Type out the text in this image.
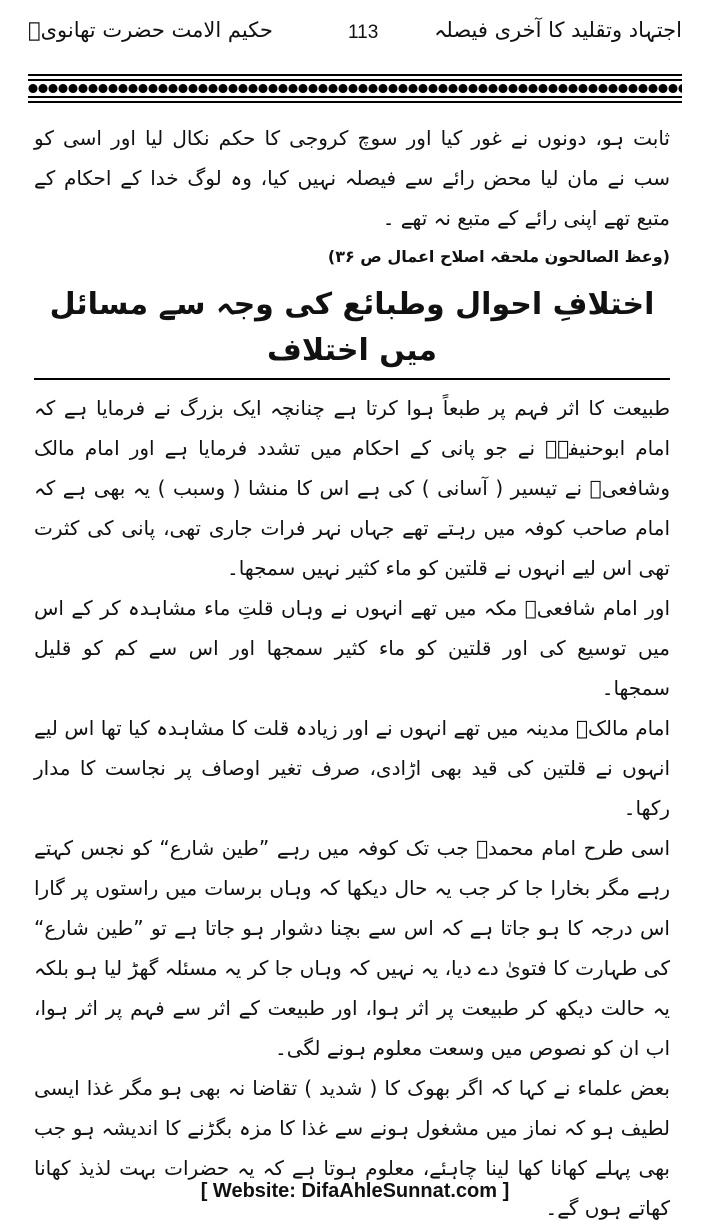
اجتہاد وتقلید کا آخری فیصلہ
113
حکیم الامت حضرت تھانویؒ

ثابت ہو، دونوں نے غور کیا اور سوچ کروجی کا حکم نکال لیا اور اسی کو سب نے مان لیا محض رائے سے فیصلہ نہیں کیا، وہ لوگ خدا کے احکام کے متبع تھے اپنی رائے کے متبع نہ تھے ۔

(وعظ الصالحون ملحقہ اصلاح اعمال ص ۳۶)

اختلافِ احوال وطبائع کی وجہ سے مسائل میں اختلاف

طبیعت کا اثر فہم پر طبعاً ہوا کرتا ہے چنانچہ ایک بزرگ نے فرمایا ہے کہ امام ابوحنیفہؒ نے جو پانی کے احکام میں تشدد فرمایا ہے اور امام مالک وشافعیؒ نے تیسیر ( آسانی ) کی ہے اس کا منشا ( وسبب ) یہ بھی ہے کہ امام صاحب کوفہ میں رہتے تھے جہاں نہر فرات جاری تھی، پانی کی کثرت تھی اس لیے انہوں نے قلتین کو ماء کثیر نہیں سمجھا۔

اور امام شافعیؒ مکہ میں تھے انہوں نے وہاں قلتِ ماء مشاہدہ کر کے اس میں توسیع کی اور قلتین کو ماء کثیر سمجھا اور اس سے کم کو قلیل سمجھا۔

امام مالکؒ مدینہ میں تھے انہوں نے اور زیادہ قلت کا مشاہدہ کیا تھا اس لیے انہوں نے قلتین کی قید بھی اڑادی، صرف تغیر اوصاف پر نجاست کا مدار رکھا۔

اسی طرح امام محمدؒ جب تک کوفہ میں رہے ”طین شارع“ کو نجس کہتے رہے مگر بخارا جا کر جب یہ حال دیکھا کہ وہاں برسات میں راستوں پر گارا اس درجہ کا ہو جاتا ہے کہ اس سے بچنا دشوار ہو جاتا ہے تو ”طین شارع“ کی طہارت کا فتویٰ دے دیا، یہ نہیں کہ وہاں جا کر یہ مسئلہ گھڑ لیا ہو بلکہ یہ حالت دیکھ کر طبیعت پر اثر ہوا، اور طبیعت کے اثر سے فہم پر اثر ہوا، اب ان کو نصوص میں وسعت معلوم ہونے لگی۔

بعض علماء نے کہا کہ اگر بھوک کا ( شدید ) تقاضا نہ بھی ہو مگر غذا ایسی لطیف ہو کہ نماز میں مشغول ہونے سے غذا کا مزہ بگڑنے کا اندیشہ ہو جب بھی پہلے کھانا کھا لینا چاہئے، معلوم ہوتا ہے کہ یہ حضرات بہت لذیذ کھانا کھاتے ہوں گے۔

[ Website: DifaAhleSunnat.com ]
